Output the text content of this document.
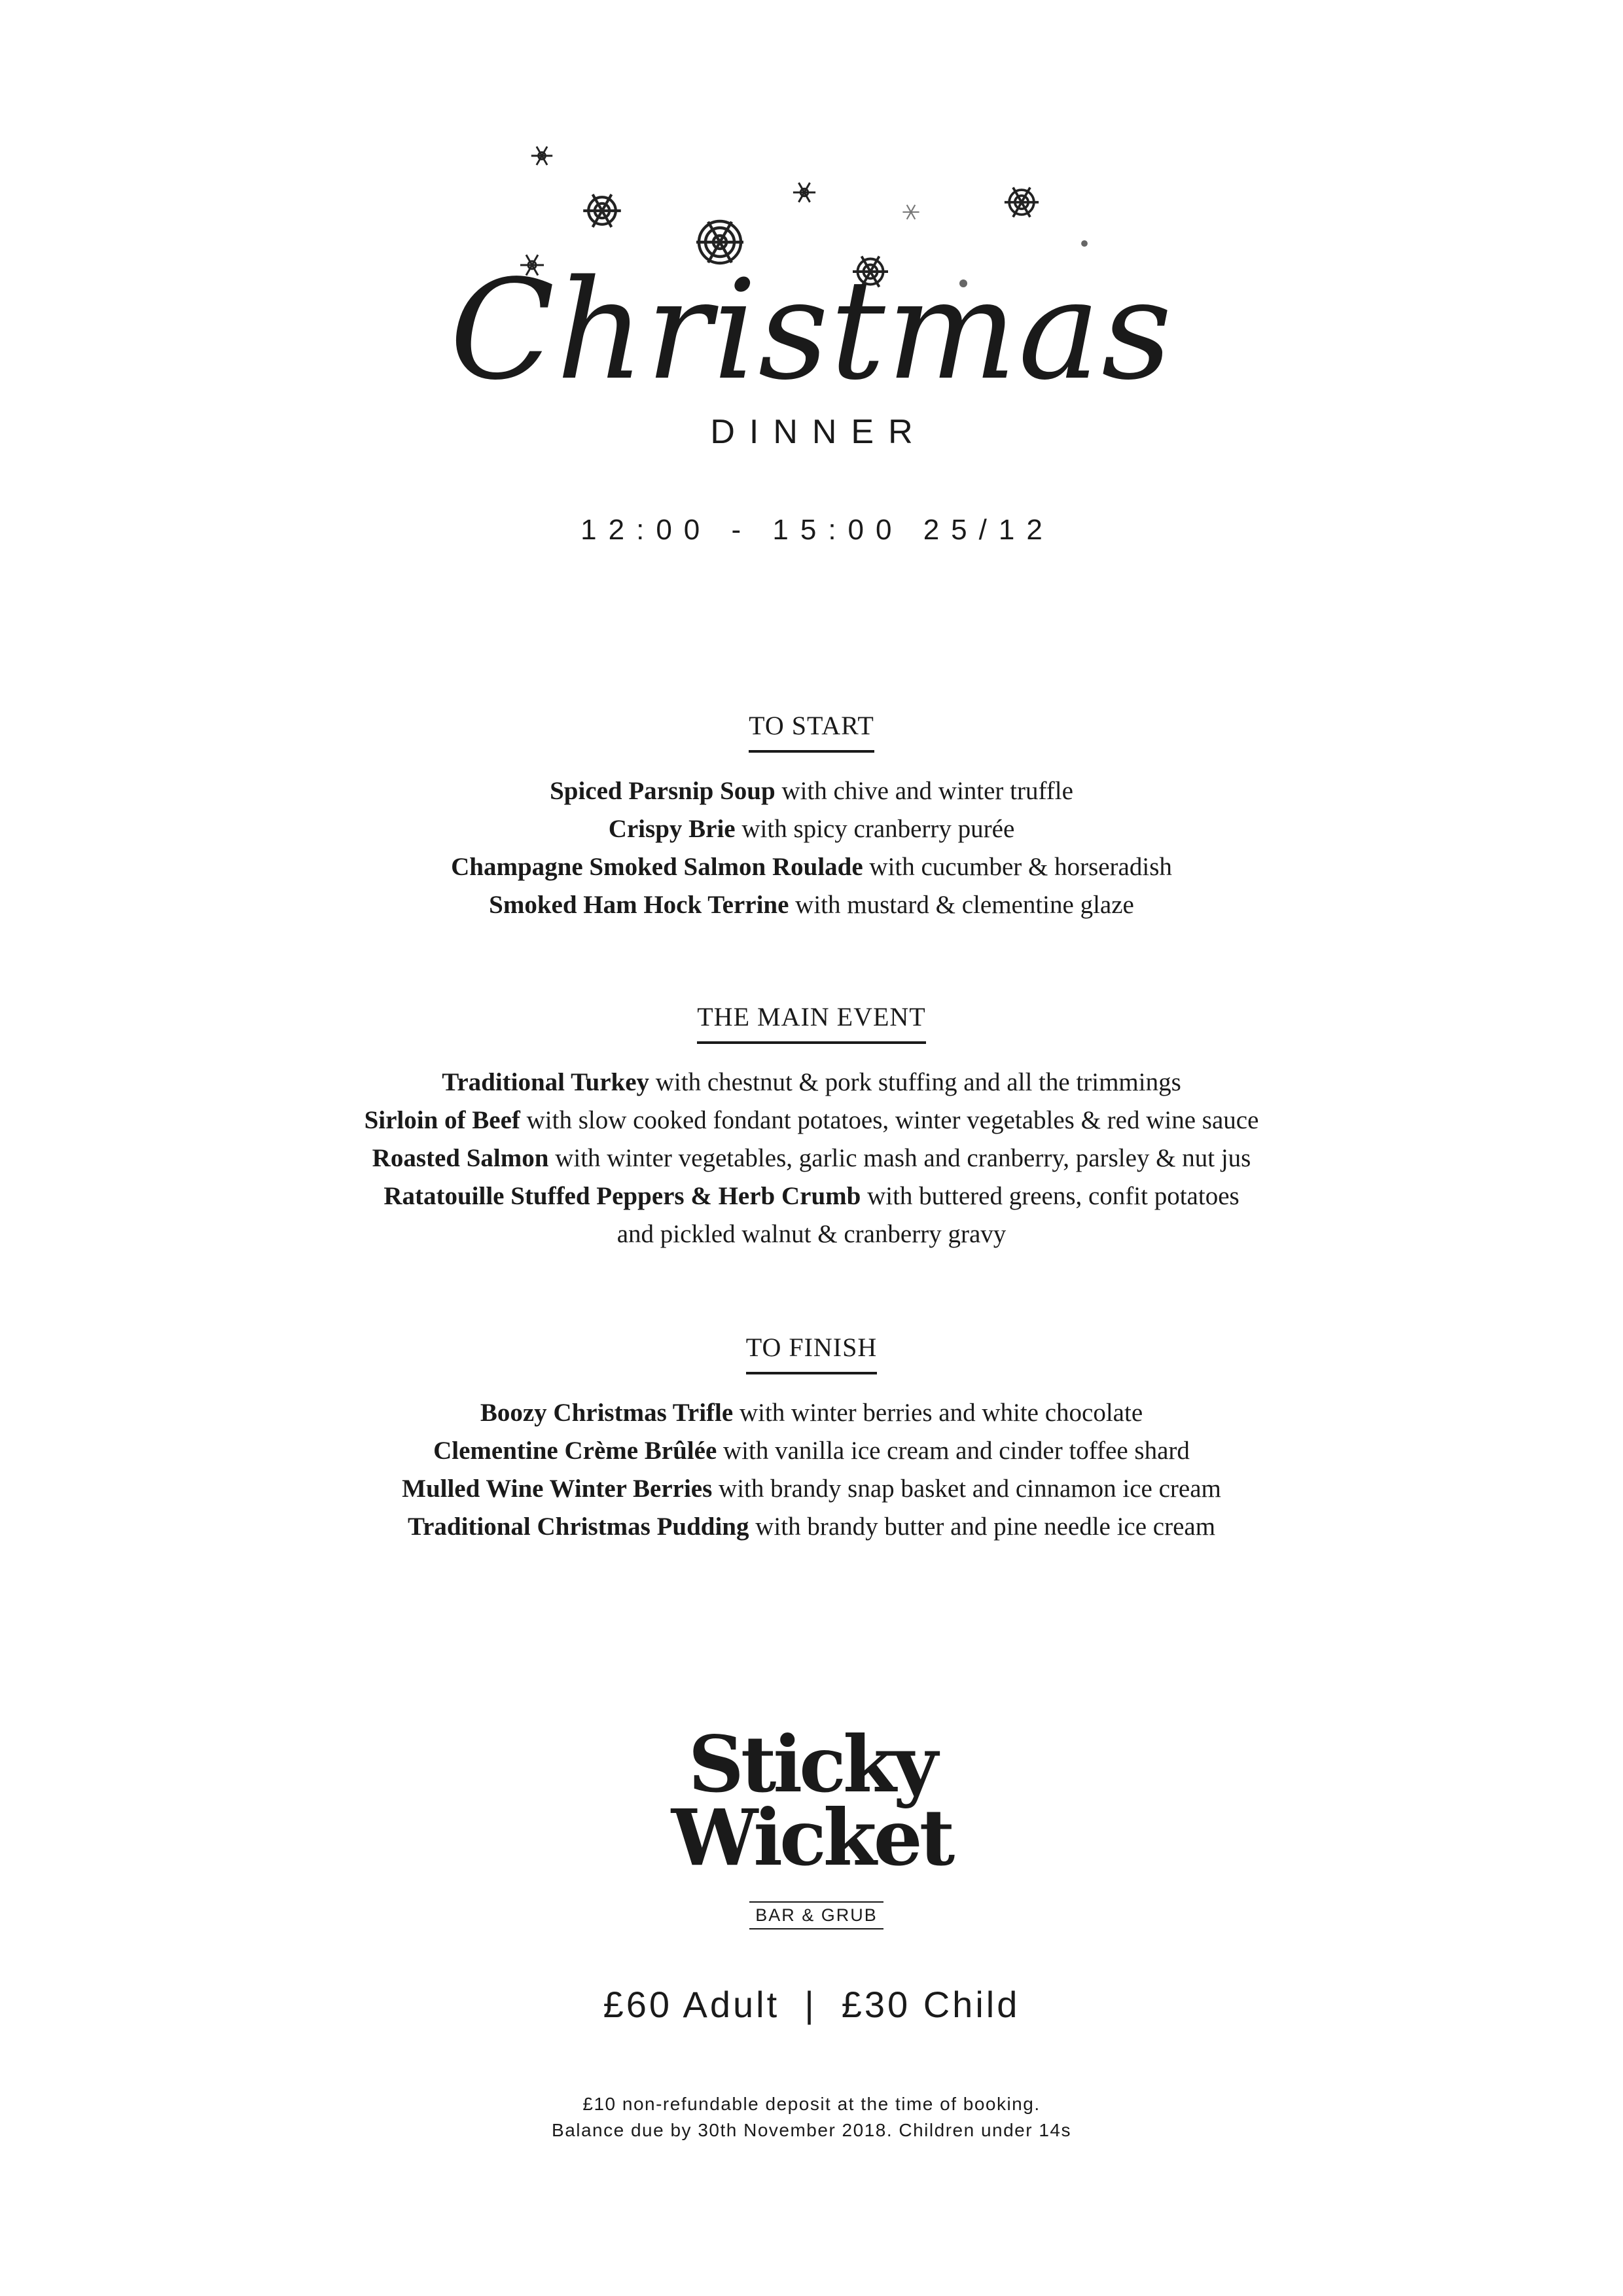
Christmas
DINNER
12:00 - 15:00 25/12
TO START
Spiced Parsnip Soup with chive and winter truffle
Crispy Brie with spicy cranberry purée
Champagne Smoked Salmon Roulade with cucumber & horseradish
Smoked Ham Hock Terrine with mustard & clementine glaze
THE MAIN EVENT
Traditional Turkey with chestnut & pork stuffing and all the trimmings
Sirloin of Beef with slow cooked fondant potatoes, winter vegetables & red wine sauce
Roasted Salmon with winter vegetables, garlic mash and cranberry, parsley & nut jus
Ratatouille Stuffed Peppers & Herb Crumb with buttered greens, confit potatoes
and pickled walnut & cranberry gravy
TO FINISH
Boozy Christmas Trifle with winter berries and white chocolate
Clementine Crème Brûlée with vanilla ice cream and cinder toffee shard
Mulled Wine Winter Berries with brandy snap basket and cinnamon ice cream
Traditional Christmas Pudding with brandy butter and pine needle ice cream
Sticky
Wicket
BAR & GRUB
£60 Adult | £30 Child
£10 non-refundable deposit at the time of booking.
Balance due by 30th November 2018. Children under 14s
